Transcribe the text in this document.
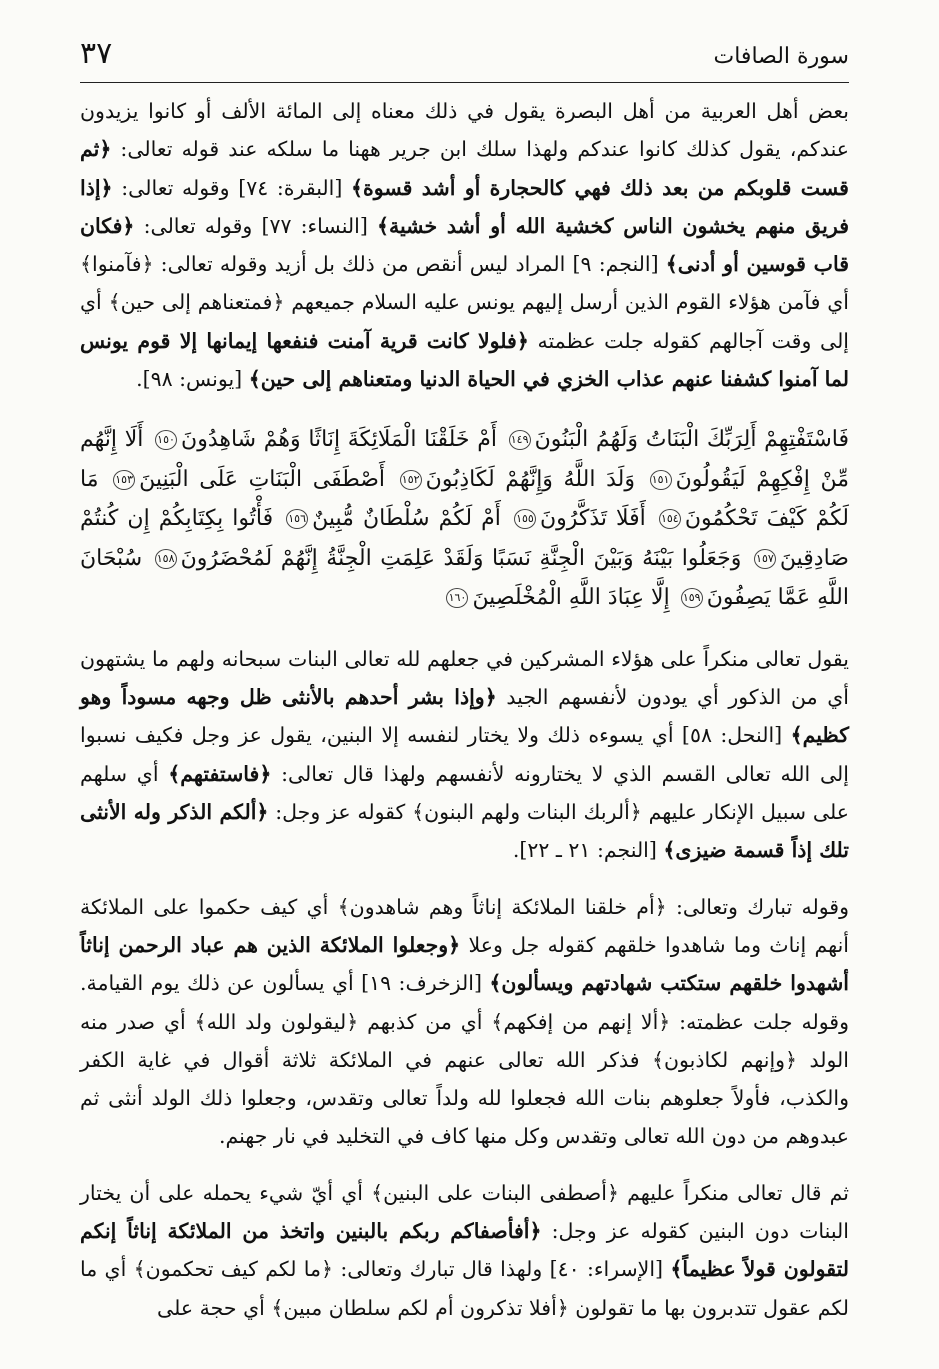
٣٧	سورة الصافات

بعض أهل العربية من أهل البصرة يقول في ذلك معناه إلى المائة الألف أو كانوا يزيدون عندكم، يقول كذلك كانوا عندكم ولهذا سلك ابن جرير ههنا ما سلكه عند قوله تعالى: ﴿ثم قست قلوبكم من بعد ذلك فهي كالحجارة أو أشد قسوة﴾ [البقرة: ٧٤] وقوله تعالى: ﴿إذا فريق منهم يخشون الناس كخشية الله أو أشد خشية﴾ [النساء: ٧٧] وقوله تعالى: ﴿فكان قاب قوسين أو أدنى﴾ [النجم: ٩] المراد ليس أنقص من ذلك بل أزيد وقوله تعالى: ﴿فآمنوا﴾ أي فآمن هؤلاء القوم الذين أرسل إليهم يونس عليه السلام جميعهم ﴿فمتعناهم إلى حين﴾ أي إلى وقت آجالهم كقوله جلت عظمته ﴿فلولا كانت قرية آمنت فنفعها إيمانها إلا قوم يونس لما آمنوا كشفنا عنهم عذاب الخزي في الحياة الدنيا ومتعناهم إلى حين﴾ [يونس: ٩٨].

فَاسْتَفْتِهِمْ أَلِرَبِّكَ الْبَنَاتُ وَلَهُمُ الْبَنُونَ١٤٩ أَمْ خَلَقْنَا الْمَلَائِكَةَ إِنَاثًا وَهُمْ شَاهِدُونَ١٥٠ أَلَا إِنَّهُم مِّنْ إِفْكِهِمْ لَيَقُولُونَ١٥١ وَلَدَ اللَّهُ وَإِنَّهُمْ لَكَاذِبُونَ١٥٢ أَصْطَفَى الْبَنَاتِ عَلَى الْبَنِينَ١٥٣ مَا لَكُمْ كَيْفَ تَحْكُمُونَ١٥٤ أَفَلَا تَذَكَّرُونَ١٥٥ أَمْ لَكُمْ سُلْطَانٌ مُّبِينٌ١٥٦ فَأْتُوا بِكِتَابِكُمْ إِن كُنتُمْ صَادِقِينَ١٥٧ وَجَعَلُوا بَيْنَهُ وَبَيْنَ الْجِنَّةِ نَسَبًا وَلَقَدْ عَلِمَتِ الْجِنَّةُ إِنَّهُمْ لَمُحْضَرُونَ١٥٨ سُبْحَانَ اللَّهِ عَمَّا يَصِفُونَ١٥٩ إِلَّا عِبَادَ اللَّهِ الْمُخْلَصِينَ١٦٠

يقول تعالى منكراً على هؤلاء المشركين في جعلهم لله تعالى البنات سبحانه ولهم ما يشتهون أي من الذكور أي يودون لأنفسهم الجيد ﴿وإذا بشر أحدهم بالأنثى ظل وجهه مسوداً وهو كظيم﴾ [النحل: ٥٨] أي يسوءه ذلك ولا يختار لنفسه إلا البنين، يقول عز وجل فكيف نسبوا إلى الله تعالى القسم الذي لا يختارونه لأنفسهم ولهذا قال تعالى: ﴿فاستفتهم﴾ أي سلهم على سبيل الإنكار عليهم ﴿ألربك البنات ولهم البنون﴾ كقوله عز وجل: ﴿ألكم الذكر وله الأنثى تلك إذاً قسمة ضيزى﴾ [النجم: ٢١ ـ ٢٢].

وقوله تبارك وتعالى: ﴿أم خلقنا الملائكة إناثاً وهم شاهدون﴾ أي كيف حكموا على الملائكة أنهم إناث وما شاهدوا خلقهم كقوله جل وعلا ﴿وجعلوا الملائكة الذين هم عباد الرحمن إناثاً أشهدوا خلقهم ستكتب شهادتهم ويسألون﴾ [الزخرف: ١٩] أي يسألون عن ذلك يوم القيامة. وقوله جلت عظمته: ﴿ألا إنهم من إفكهم﴾ أي من كذبهم ﴿ليقولون ولد الله﴾ أي صدر منه الولد ﴿وإنهم لكاذبون﴾ فذكر الله تعالى عنهم في الملائكة ثلاثة أقوال في غاية الكفر والكذب، فأولاً جعلوهم بنات الله فجعلوا لله ولداً تعالى وتقدس، وجعلوا ذلك الولد أنثى ثم عبدوهم من دون الله تعالى وتقدس وكل منها كاف في التخليد في نار جهنم.

ثم قال تعالى منكراً عليهم ﴿أصطفى البنات على البنين﴾ أي أيّ شيء يحمله على أن يختار البنات دون البنين كقوله عز وجل: ﴿أفأصفاكم ربكم بالبنين واتخذ من الملائكة إناثاً إنكم لتقولون قولاً عظيماً﴾ [الإسراء: ٤٠] ولهذا قال تبارك وتعالى: ﴿ما لكم كيف تحكمون﴾ أي ما لكم عقول تتدبرون بها ما تقولون ﴿أفلا تذكرون أم لكم سلطان مبين﴾ أي حجة على
